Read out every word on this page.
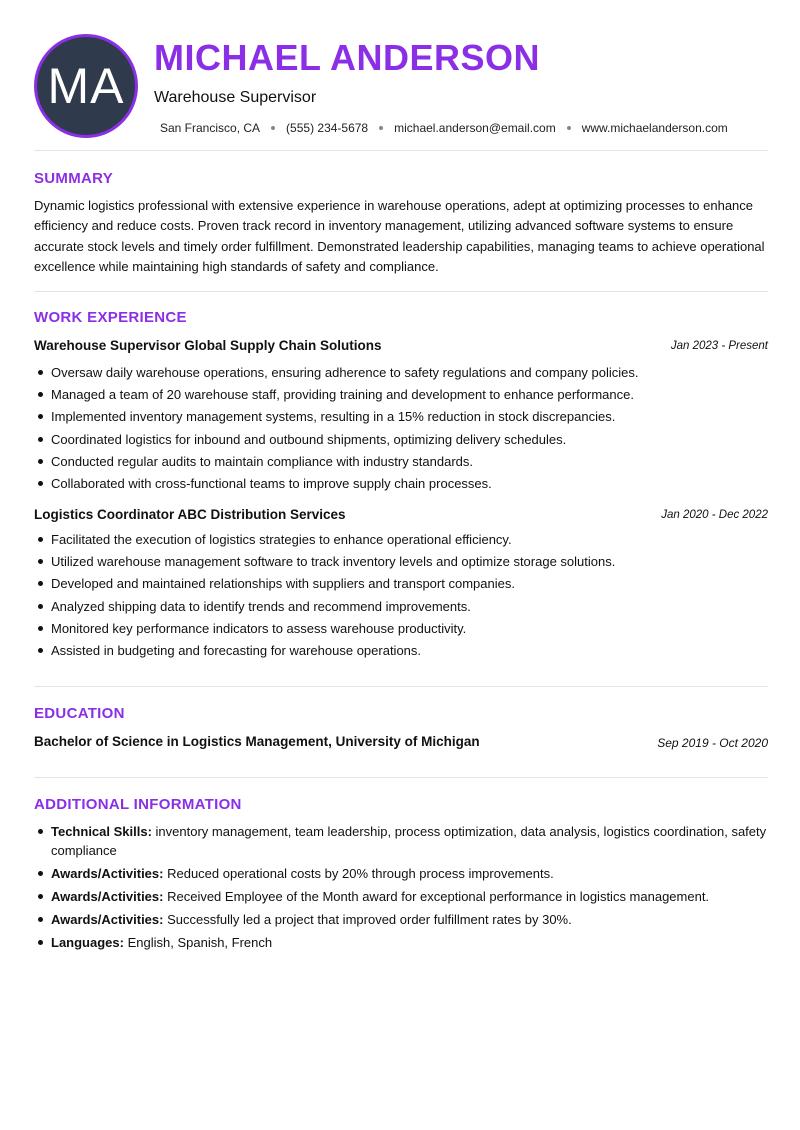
MA
MICHAEL ANDERSON
Warehouse Supervisor
San Francisco, CA (555) 234-5678 michael.anderson@email.com www.michaelanderson.com
SUMMARY

Dynamic logistics professional with extensive experience in warehouse operations, adept at optimizing processes to enhance efficiency and reduce costs. Proven track record in inventory management, utilizing advanced software systems to ensure accurate stock levels and timely order fulfillment. Demonstrated leadership capabilities, managing teams to achieve operational excellence while maintaining high standards of safety and compliance.

WORK EXPERIENCE
Warehouse Supervisor Global Supply Chain Solutions	Jan 2023 - Present
Oversaw daily warehouse operations, ensuring adherence to safety regulations and company policies.
Managed a team of 20 warehouse staff, providing training and development to enhance performance.
Implemented inventory management systems, resulting in a 15% reduction in stock discrepancies.
Coordinated logistics for inbound and outbound shipments, optimizing delivery schedules.
Conducted regular audits to maintain compliance with industry standards.
Collaborated with cross-functional teams to improve supply chain processes.
Logistics Coordinator ABC Distribution Services	Jan 2020 - Dec 2022
Facilitated the execution of logistics strategies to enhance operational efficiency.
Utilized warehouse management software to track inventory levels and optimize storage solutions.
Developed and maintained relationships with suppliers and transport companies.
Analyzed shipping data to identify trends and recommend improvements.
Monitored key performance indicators to assess warehouse productivity.
Assisted in budgeting and forecasting for warehouse operations.
EDUCATION
Bachelor of Science in Logistics Management, University of Michigan	Sep 2019 - Oct 2020
ADDITIONAL INFORMATION
Technical Skills: inventory management, team leadership, process optimization, data analysis, logistics coordination, safety compliance
Awards/Activities: Reduced operational costs by 20% through process improvements.
Awards/Activities: Received Employee of the Month award for exceptional performance in logistics management.
Awards/Activities: Successfully led a project that improved order fulfillment rates by 30%.
Languages: English, Spanish, French
